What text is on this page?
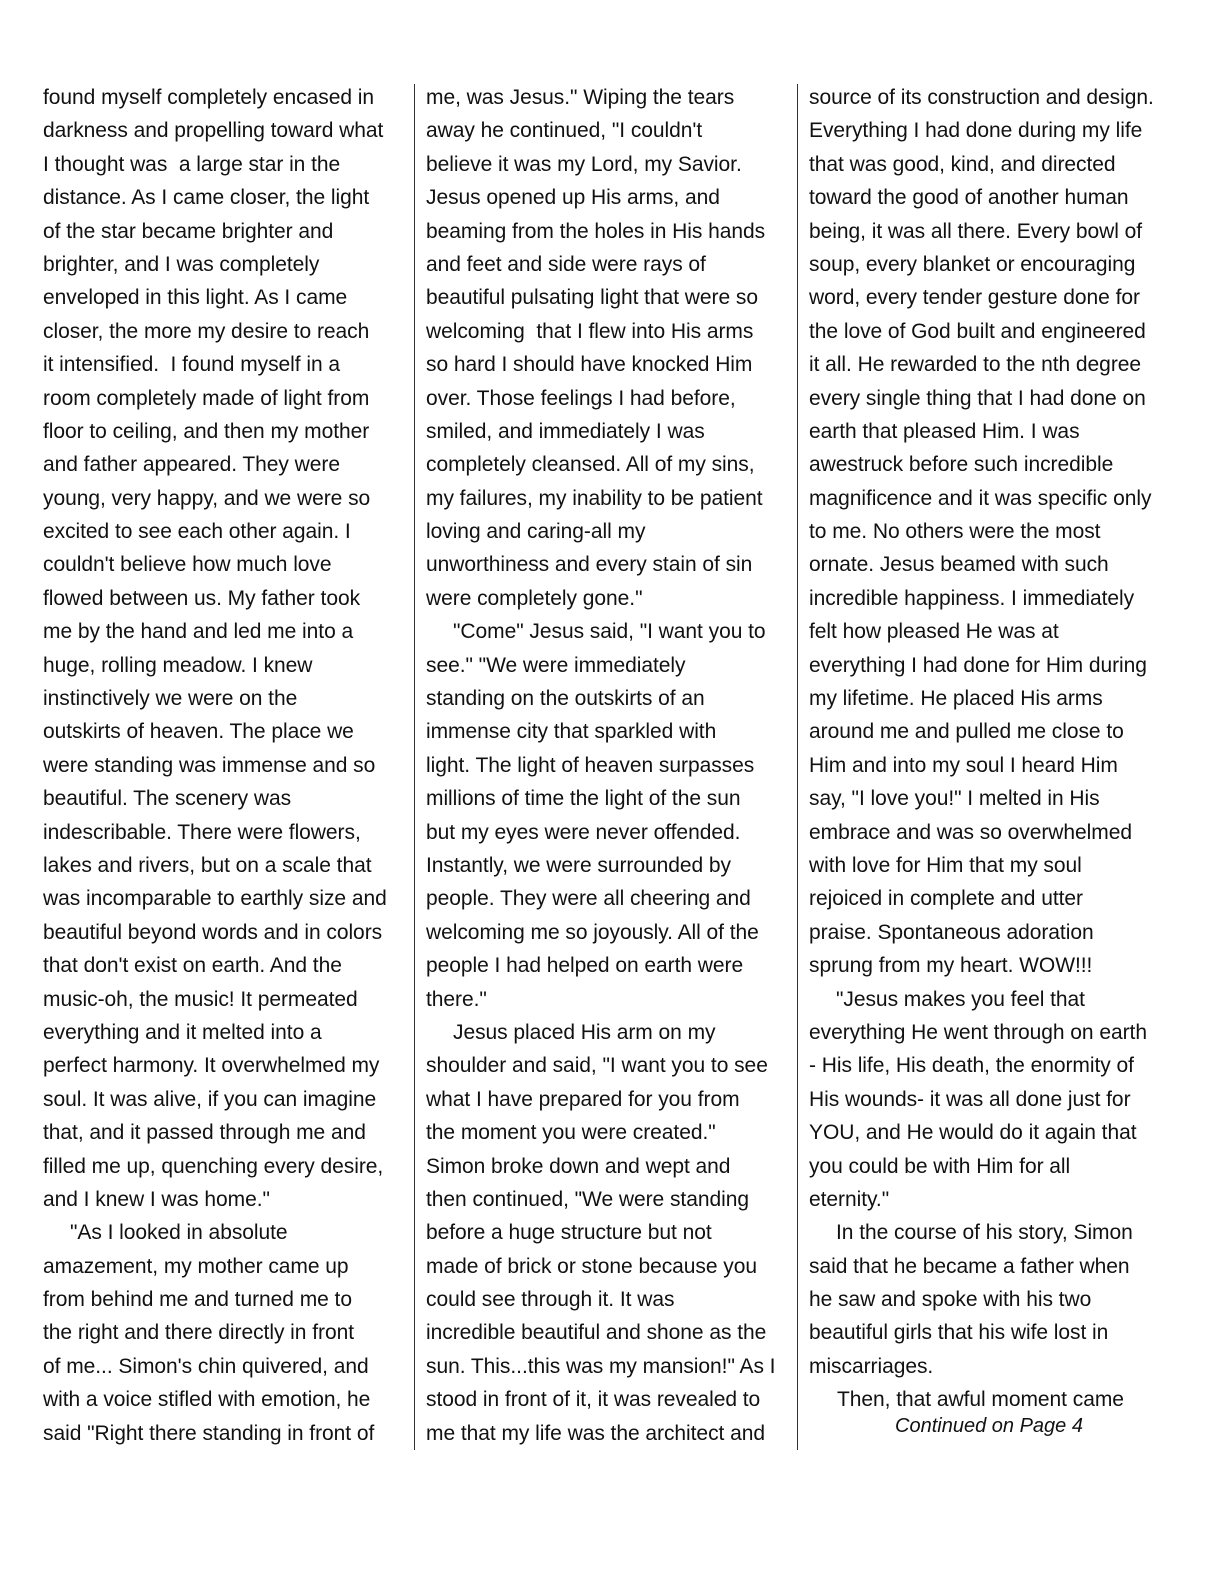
found myself completely encased in
darkness and propelling toward what
I thought was  a large star in the
distance. As I came closer, the light
of the star became brighter and
brighter, and I was completely
enveloped in this light. As I came
closer, the more my desire to reach
it intensified.  I found myself in a
room completely made of light from
floor to ceiling, and then my mother
and father appeared. They were
young, very happy, and we were so
excited to see each other again. I
couldn't believe how much love
flowed between us. My father took
me by the hand and led me into a
huge, rolling meadow. I knew
instinctively we were on the
outskirts of heaven. The place we
were standing was immense and so
beautiful. The scenery was
indescribable. There were flowers,
lakes and rivers, but on a scale that
was incomparable to earthly size and
beautiful beyond words and in colors
that don't exist on earth. And the
music-oh, the music! It permeated
everything and it melted into a
perfect harmony. It overwhelmed my
soul. It was alive, if you can imagine
that, and it passed through me and
filled me up, quenching every desire,
and I knew I was home."
"As I looked in absolute
amazement, my mother came up
from behind me and turned me to
the right and there directly in front
of me... Simon's chin quivered, and
with a voice stifled with emotion, he
said "Right there standing in front of
me, was Jesus." Wiping the tears
away he continued, "I couldn't
believe it was my Lord, my Savior.
Jesus opened up His arms, and
beaming from the holes in His hands
and feet and side were rays of
beautiful pulsating light that were so
welcoming  that I flew into His arms
so hard I should have knocked Him
over. Those feelings I had before,
smiled, and immediately I was
completely cleansed. All of my sins,
my failures, my inability to be patient
loving and caring-all my
unworthiness and every stain of sin
were completely gone."
"Come" Jesus said, "I want you to
see." "We were immediately
standing on the outskirts of an
immense city that sparkled with
light. The light of heaven surpasses
millions of time the light of the sun
but my eyes were never offended.
Instantly, we were surrounded by
people. They were all cheering and
welcoming me so joyously. All of the
people I had helped on earth were
there."
Jesus placed His arm on my
shoulder and said, "I want you to see
what I have prepared for you from
the moment you were created."
Simon broke down and wept and
then continued, "We were standing
before a huge structure but not
made of brick or stone because you
could see through it. It was
incredible beautiful and shone as the
sun. This...this was my mansion!" As I
stood in front of it, it was revealed to
me that my life was the architect and
source of its construction and design.
Everything I had done during my life
that was good, kind, and directed
toward the good of another human
being, it was all there. Every bowl of
soup, every blanket or encouraging
word, every tender gesture done for
the love of God built and engineered
it all. He rewarded to the nth degree
every single thing that I had done on
earth that pleased Him. I was
awestruck before such incredible
magnificence and it was specific only
to me. No others were the most
ornate. Jesus beamed with such
incredible happiness. I immediately
felt how pleased He was at
everything I had done for Him during
my lifetime. He placed His arms
around me and pulled me close to
Him and into my soul I heard Him
say, "I love you!" I melted in His
embrace and was so overwhelmed
with love for Him that my soul
rejoiced in complete and utter
praise. Spontaneous adoration
sprung from my heart. WOW!!!
"Jesus makes you feel that
everything He went through on earth
- His life, His death, the enormity of
His wounds- it was all done just for
YOU, and He would do it again that
you could be with Him for all
eternity."
In the course of his story, Simon
said that he became a father when
he saw and spoke with his two
beautiful girls that his wife lost in
miscarriages.
Then, that awful moment came
Continued on Page 4
